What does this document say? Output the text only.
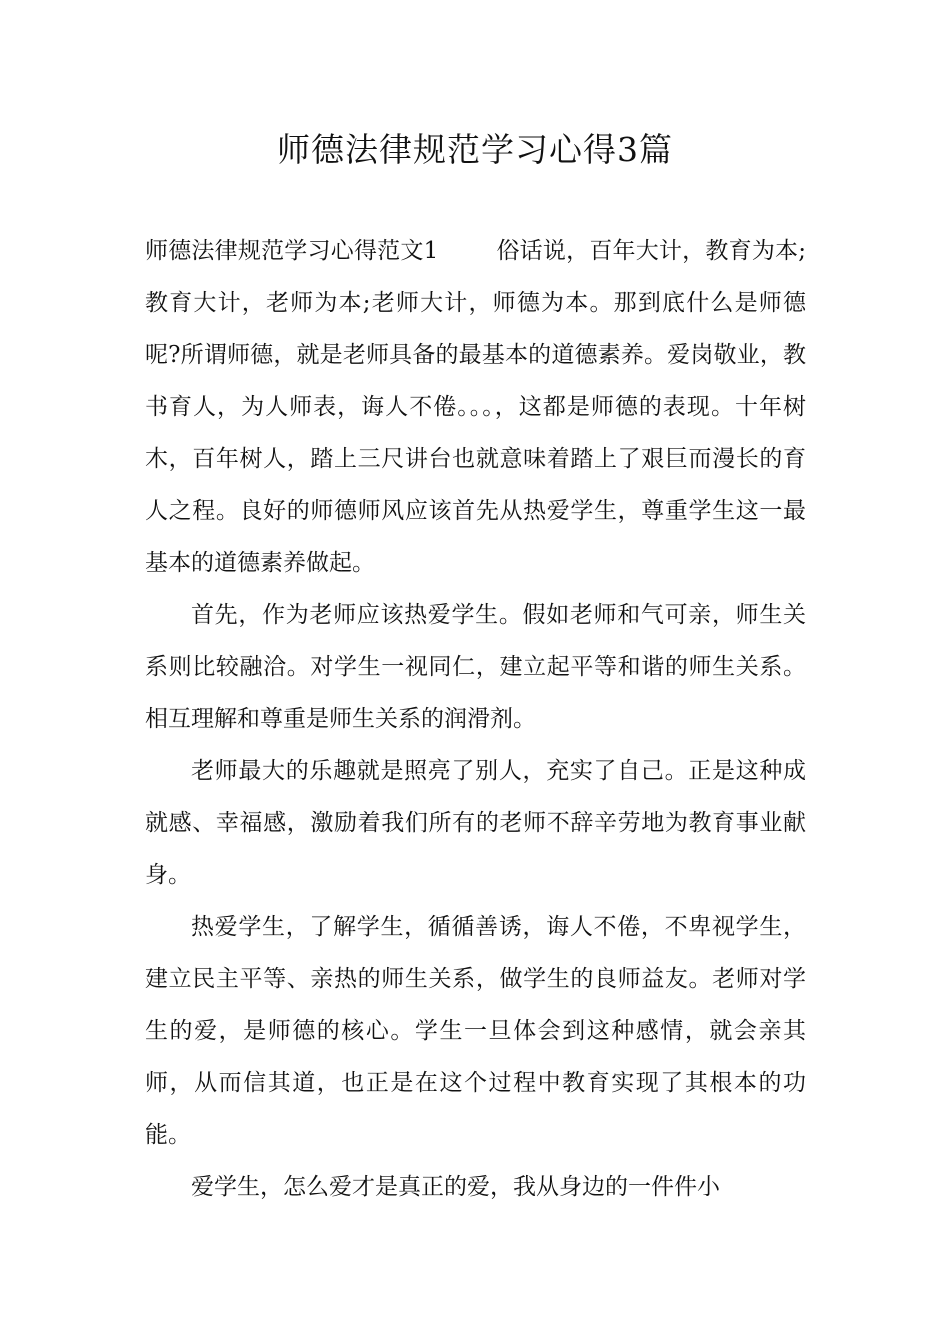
师德法律规范学习心得3篇

师德法律规范学习心得范文1	俗话说，百年大计，教育为本;教育大计，老师为本;老师大计，师德为本。那到底什么是师德呢?所谓师德，就是老师具备的最基本的道德素养。爱岗敬业，教书育人，为人师表，诲人不倦。。。，这都是师德的表现。十年树木，百年树人，踏上三尺讲台也就意味着踏上了艰巨而漫长的育人之程。良好的师德师风应该首先从热爱学生，尊重学生这一最基本的道德素养做起。

首先，作为老师应该热爱学生。假如老师和气可亲，师生关系则比较融洽。对学生一视同仁，建立起平等和谐的师生关系。相互理解和尊重是师生关系的润滑剂。

老师最大的乐趣就是照亮了别人，充实了自己。正是这种成就感、幸福感，激励着我们所有的老师不辞辛劳地为教育事业献身。

热爱学生，了解学生，循循善诱，诲人不倦，不卑视学生，建立民主平等、亲热的师生关系，做学生的良师益友。老师对学生的爱，是师德的核心。学生一旦体会到这种感情，就会亲其师，从而信其道，也正是在这个过程中教育实现了其根本的功能。

爱学生，怎么爱才是真正的爱，我从身边的一件件小
